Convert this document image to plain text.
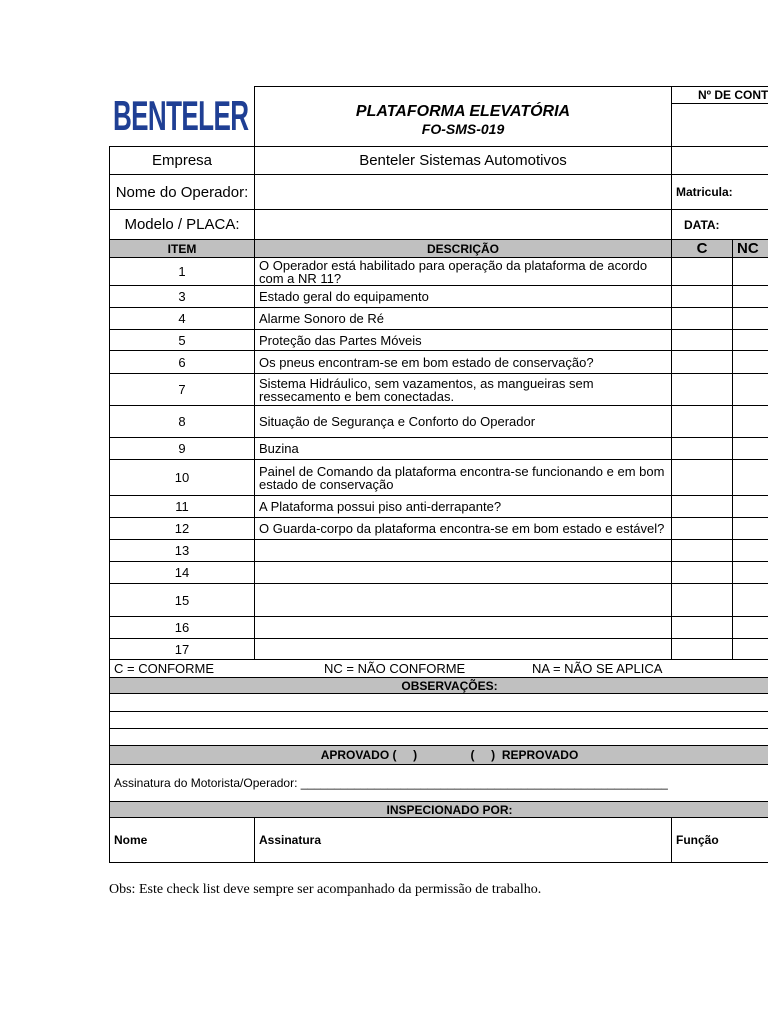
BENTELER	PLATAFORMA ELEVATÓRIA
FO-SMS-019	Nº DE CONT	

Empresa	Benteler Sistemas Automotivos		
Nome do Operador:		Matricula:	
Modelo / PLACA:		DATA:	
ITEM	DESCRIÇÃO	C	NC
1	O Operador está habilitado para operação da plataforma de acordo com a NR 11?		
3	Estado geral do equipamento		
4	Alarme Sonoro de Ré		
5	Proteção das Partes Móveis		
6	Os pneus encontram-se em bom estado de conservação?		
7	Sistema Hidráulico, sem vazamentos, as mangueiras sem ressecamento e bem conectadas.		
8	Situação de Segurança e Conforto do Operador		
9	Buzina		
10	Painel de Comando da plataforma encontra-se funcionando e em bom estado de conservação		
11	A Plataforma possui piso anti-derrapante?		
12	O Guarda-corpo da plataforma encontra-se em bom estado e estável?		
13			
14			
15			
16			
17			
C = CONFORME NC = NÃO CONFORME NA = NÃO SE APLICA			
OBSERVAÇÕES:			

APROVADO (     )                (     )  REPROVADO			
Assinatura do Motorista/Operador: _______________________________________________________			
INSPECIONADO POR:			
Nome	Assinatura	Função	
Obs: Este check list deve sempre ser acompanhado da permissão de trabalho.
